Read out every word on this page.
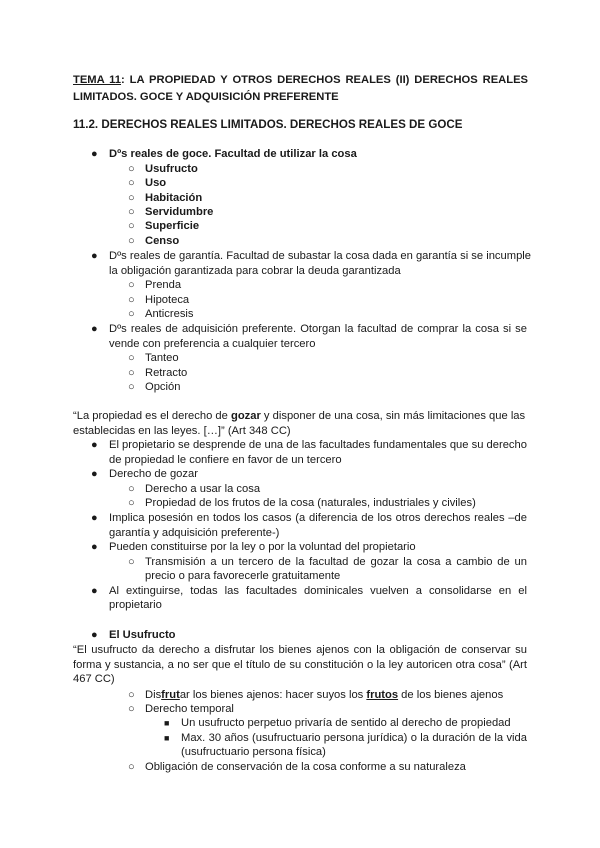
TEMA 11: LA PROPIEDAD Y OTROS DERECHOS REALES (II) DERECHOS REALES LIMITADOS. GOCE Y ADQUISICIÓN PREFERENTE
11.2. DERECHOS REALES LIMITADOS. DERECHOS REALES DE GOCE
● Dºs reales de goce. Facultad de utilizar la cosa
○ Usufructo
○ Uso
○ Habitación
○ Servidumbre
○ Superficie
○ Censo
● Dºs reales de garantía. Facultad de subastar la cosa dada en garantía si se incumple
la obligación garantizada para cobrar la deuda garantizada
○ Prenda
○ Hipoteca
○ Anticresis
● Dºs reales de adquisición preferente. Otorgan la facultad de comprar la cosa si se
vende con preferencia a cualquier tercero
○ Tanteo
○ Retracto
○ Opción
“La propiedad es el derecho de gozar y disponer de una cosa, sin más limitaciones que las
establecidas en las leyes. […]” (Art 348 CC)
● El propietario se desprende de una de las facultades fundamentales que su derecho
de propiedad le confiere en favor de un tercero
● Derecho de gozar
○ Derecho a usar la cosa
○ Propiedad de los frutos de la cosa (naturales, industriales y civiles)
● Implica posesión en todos los casos (a diferencia de los otros derechos reales –de
garantía y adquisición preferente-)
● Pueden constituirse por la ley o por la voluntad del propietario
○ Transmisión a un tercero de la facultad de gozar la cosa a cambio de un
precio o para favorecerle gratuitamente
● Al extinguirse, todas las facultades dominicales vuelven a consolidarse en el
propietario
● El Usufructo
“El usufructo da derecho a disfrutar los bienes ajenos con la obligación de conservar su
forma y sustancia, a no ser que el título de su constitución o la ley autoricen otra cosa” (Art
467 CC)
○ Disfrutar los bienes ajenos: hacer suyos los frutos de los bienes ajenos
○ Derecho temporal
■ Un usufructo perpetuo privaría de sentido al derecho de propiedad
■ Max. 30 años (usufructuario persona jurídica) o la duración de la vida
(usufructuario persona física)
○ Obligación de conservación de la cosa conforme a su naturaleza
